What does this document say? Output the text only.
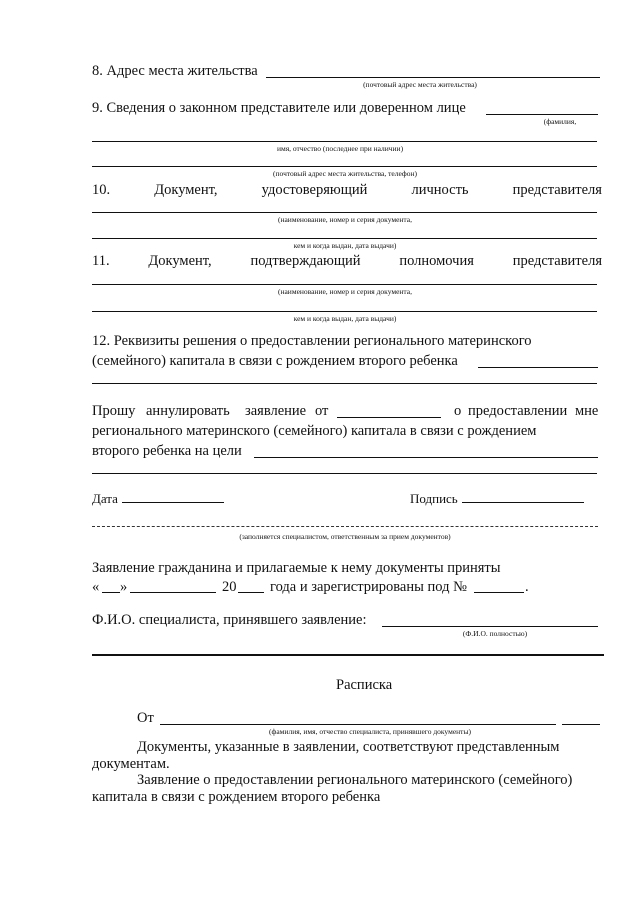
8. Адрес места жительства
(почтовый адрес места жительства)
9. Сведения о законном представителе или доверенном лице
(фамилия,
имя, отчество (последнее при наличии)
(почтовый адрес места жительства, телефон)
10.	Документ,	удостоверяющий	личность	представителя
(наименование, номер и серия документа,
кем и когда выдан, дата выдачи)
11.	Документ,	подтверждающий	полномочия	представителя
(наименование, номер и серия документа,
кем и когда выдан, дата выдачи)
12. Реквизиты решения о предоставлении регионального материнского
(семейного) капитала в связи с рождением второго ребенка
Прошу аннулировать заявление от	о предоставлении мне
регионального материнского (семейного) капитала в связи с рождением
второго ребенка на цели
Дата	Подпись
(заполняется специалистом, ответственным за прием документов)
Заявление гражданина и прилагаемые к нему документы приняты
« »	20 года и зарегистрированы под №	.
Ф.И.О. специалиста, принявшего заявление:
(Ф.И.О. полностью)
Расписка
От
(фамилия, имя, отчество специалиста, принявшего документы)
Документы, указанные в заявлении, соответствуют представленным
документам.
Заявление о предоставлении регионального материнского (семейного)
капитала в связи с рождением второго ребенка
